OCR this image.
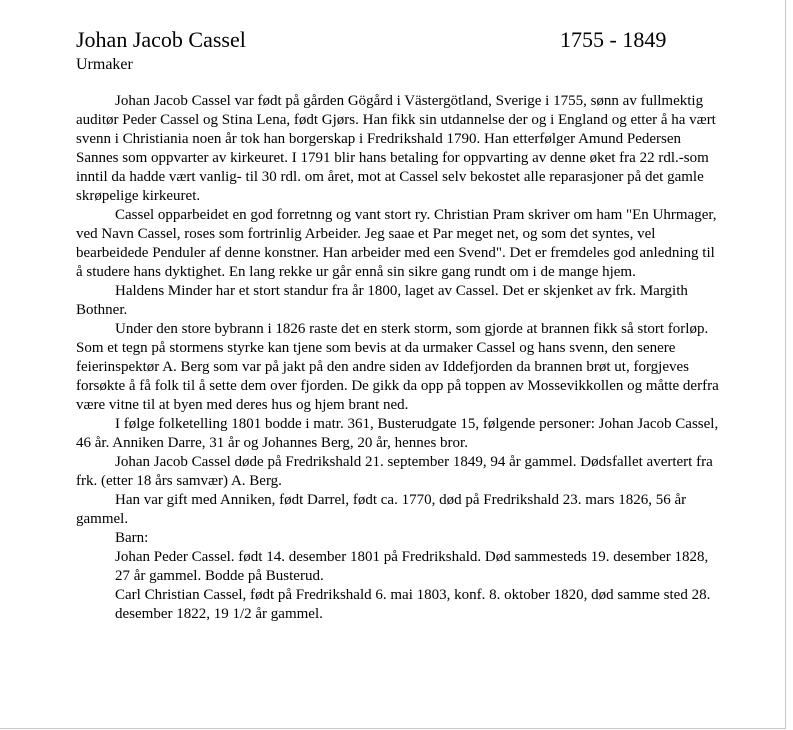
Johan Jacob Cassel	1755 - 1849
Urmaker

Johan Jacob Cassel var født på gården Gögård i Västergötland, Sverige i 1755, sønn av fullmektig auditør Peder Cassel og Stina Lena, født Gjørs. Han fikk sin utdannelse der og i England og etter å ha vært svenn i Christiania noen år tok han borgerskap i Fredrikshald 1790. Han etterfølger Amund Pedersen Sannes som oppvarter av kirkeuret. I 1791 blir hans betaling for oppvarting av denne øket fra 22 rdl.-som inntil da hadde vært vanlig- til 30 rdl. om året, mot at Cassel selv bekostet alle reparasjoner på det gamle skrøpelige kirkeuret.

Cassel opparbeidet en god forretnng og vant stort ry. Christian Pram skriver om ham "En Uhrmager, ved Navn Cassel, roses som fortrinlig Arbeider. Jeg saae et Par meget net, og som det syntes, vel bearbeidede Penduler af denne konstner. Han arbeider med een Svend". Det er fremdeles god anledning til å studere hans dyktighet. En lang rekke ur går ennå sin sikre gang rundt om i de mange hjem.

Haldens Minder har et stort standur fra år 1800, laget av Cassel. Det er skjenket av frk. Margith Bothner.

Under den store bybrann i 1826 raste det en sterk storm, som gjorde at brannen fikk så stort forløp. Som et tegn på stormens styrke kan tjene som bevis at da urmaker Cassel og hans svenn, den senere feierinspektør A. Berg som var på jakt på den andre siden av Iddefjorden da brannen brøt ut, forgjeves forsøkte å få folk til å sette dem over fjorden. De gikk da opp på toppen av Mossevikkollen og måtte derfra være vitne til at byen med deres hus og hjem brant ned.

I følge folketelling 1801 bodde i matr. 361, Busterudgate 15, følgende personer: Johan Jacob Cassel, 46 år. Anniken Darre, 31 år og Johannes Berg, 20 år, hennes bror.

Johan Jacob Cassel døde på Fredrikshald 21. september 1849, 94 år gammel. Dødsfallet avertert fra frk. (etter 18 års samvær) A. Berg.

Han var gift med Anniken, født Darrel, født ca. 1770, død på Fredrikshald 23. mars 1826, 56 år gammel.

Barn:

Johan Peder Cassel. født 14. desember 1801 på Fredrikshald. Død sammesteds 19. desember 1828, 27 år gammel. Bodde på Busterud.

Carl Christian Cassel, født på Fredrikshald 6. mai 1803, konf. 8. oktober 1820, død samme sted 28. desember 1822, 19 1/2 år gammel.
